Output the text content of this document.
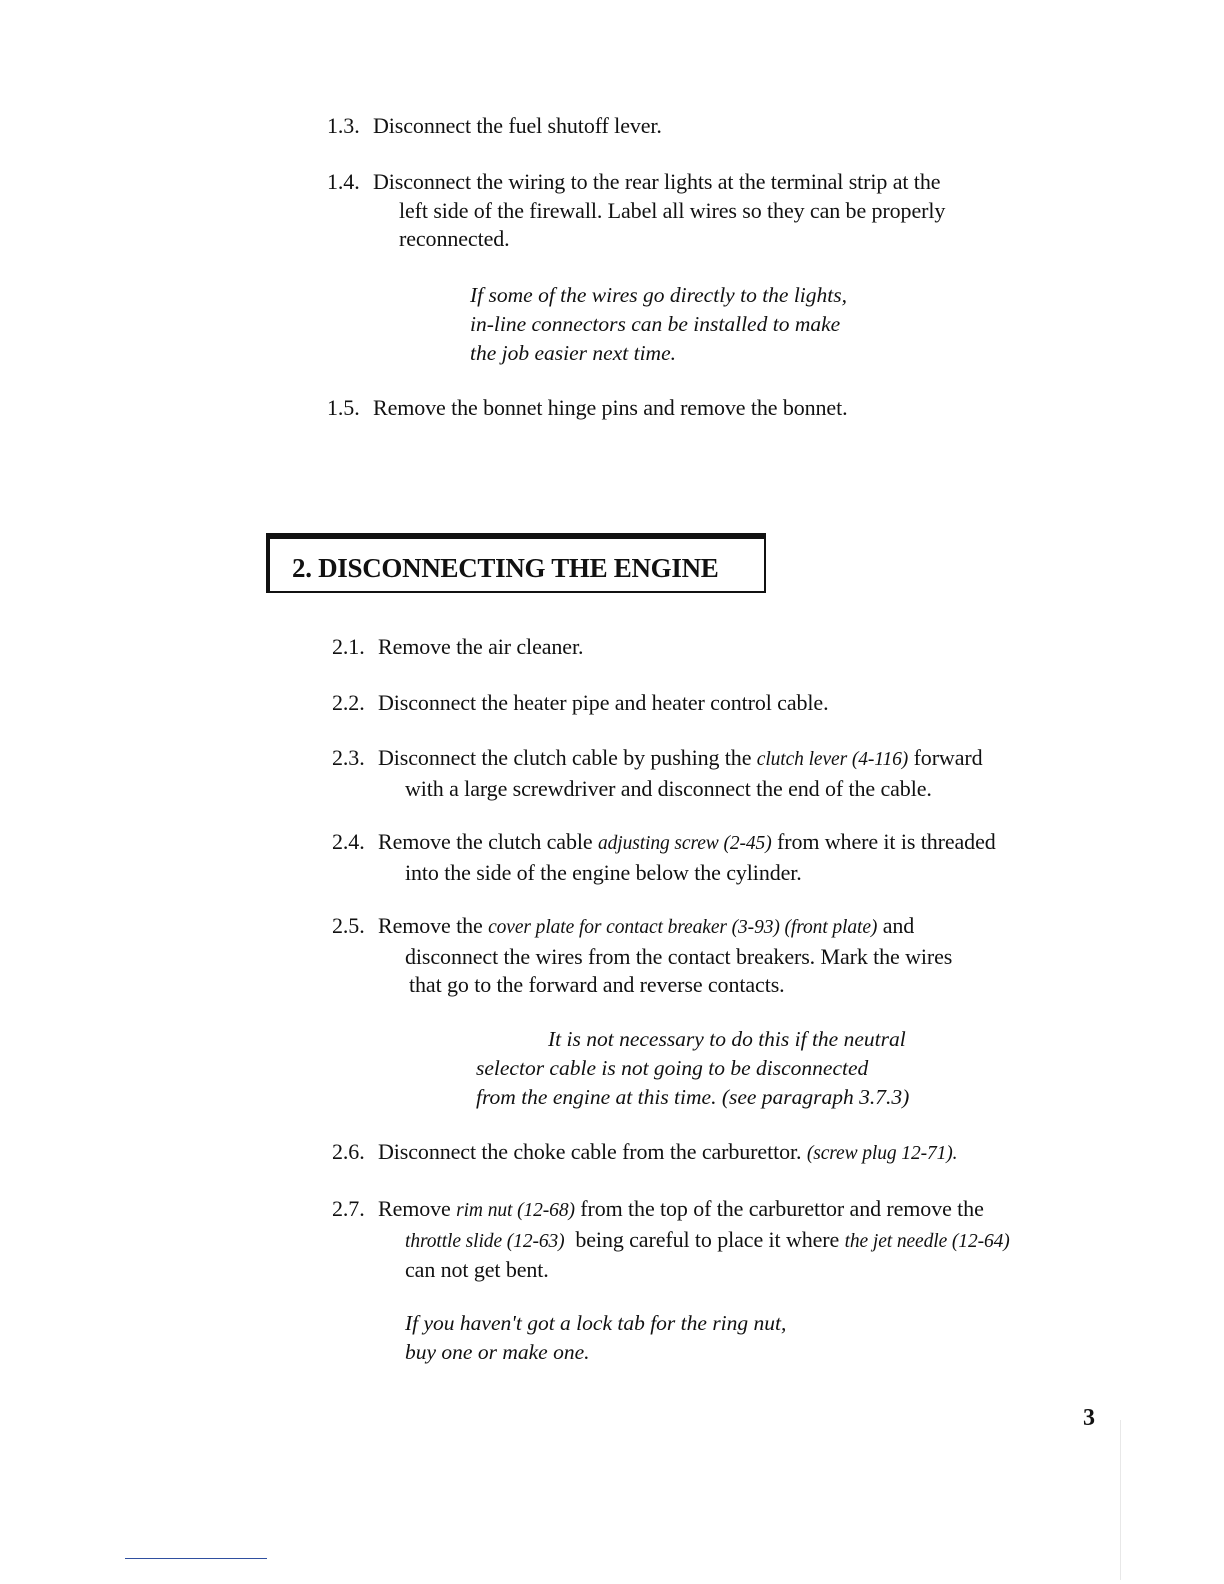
1.3. Disconnect the fuel shutoff lever.
1.4. Disconnect the wiring to the rear lights at the terminal strip at the
left side of the firewall. Label all wires so they can be properly
reconnected.
If some of the wires go directly to the lights,
in-line connectors can be installed to make
the job easier next time.
1.5. Remove the bonnet hinge pins and remove the bonnet.
2. DISCONNECTING THE ENGINE
2.1. Remove the air cleaner.
2.2. Disconnect the heater pipe and heater control cable.
2.3. Disconnect the clutch cable by pushing the clutch lever (4-116) forward
with a large screwdriver and disconnect the end of the cable.
2.4. Remove the clutch cable adjusting screw (2-45) from where it is threaded
into the side of the engine below the cylinder.
2.5. Remove the cover plate for contact breaker (3-93) (front plate) and
disconnect the wires from the contact breakers. Mark the wires
that go to the forward and reverse contacts.
It is not necessary to do this if the neutral
selector cable is not going to be disconnected
from the engine at this time. (see paragraph 3.7.3)
2.6. Disconnect the choke cable from the carburettor. (screw plug 12-71).
2.7. Remove rim nut (12-68) from the top of the carburettor and remove the
throttle slide (12-63)  being careful to place it where the jet needle (12-64)
can not get bent.
If you haven't got a lock tab for the ring nut,
buy one or make one.
3
